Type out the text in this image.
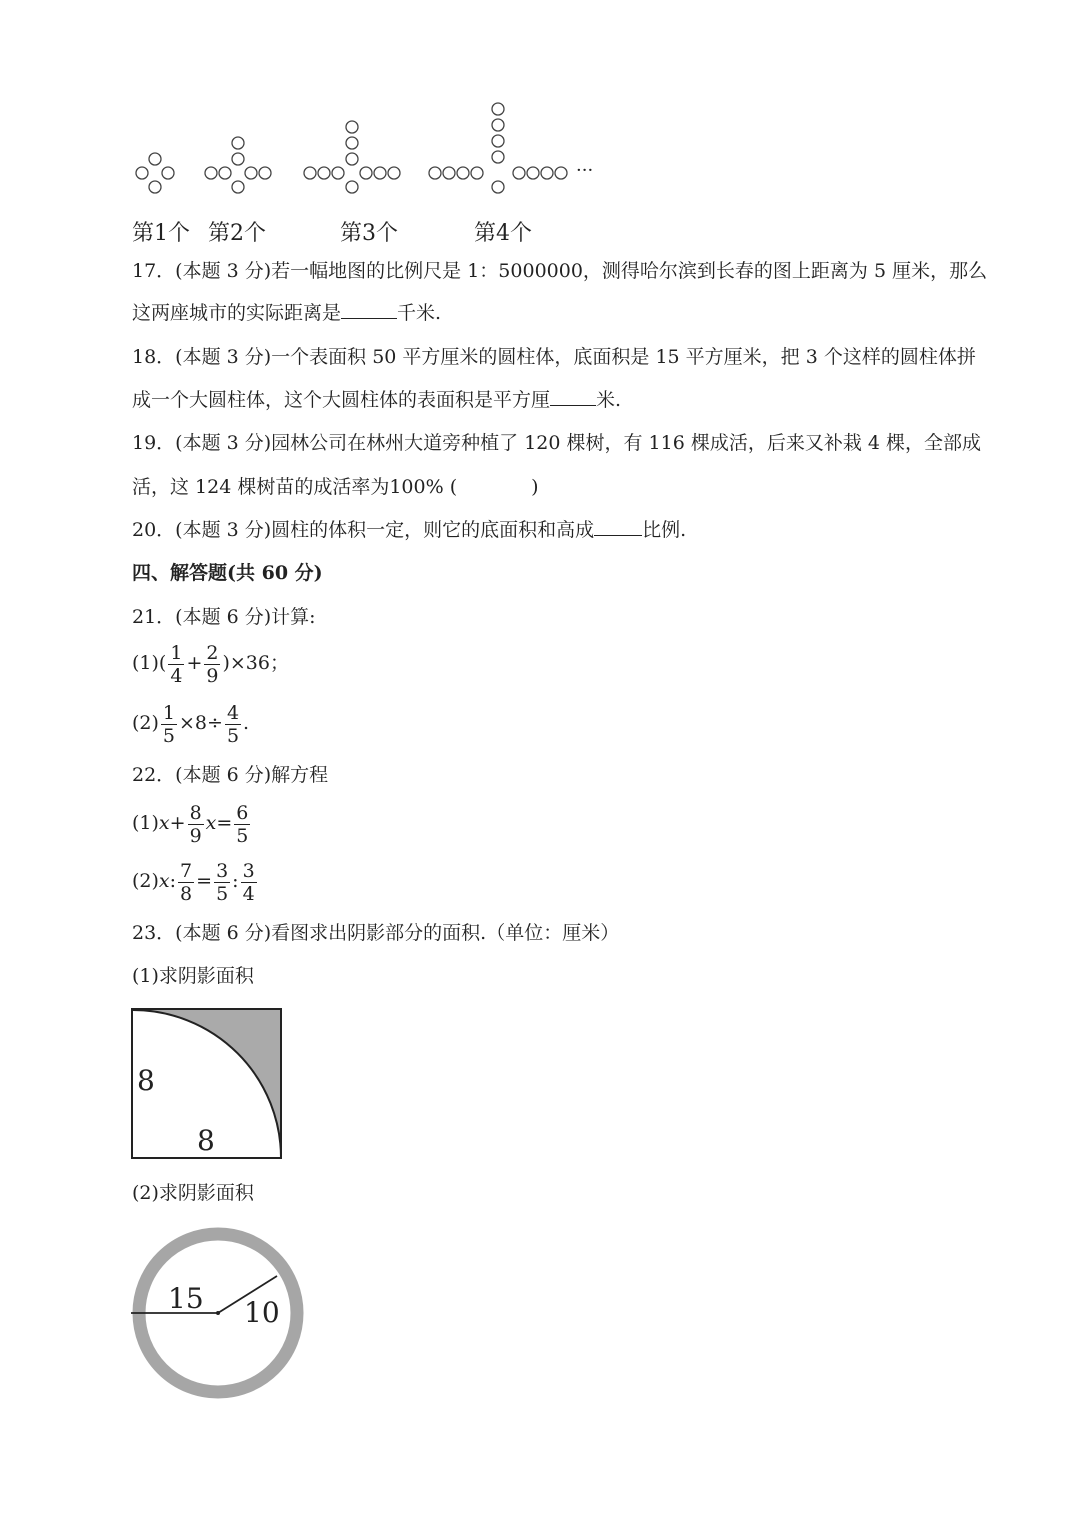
···
第1个 第2个	第3个	第4个
17．(本题 3 分)若一幅地图的比例尺是 1：5000000，测得哈尔滨到长春的图上距离为 5 厘米，那么
这两座城市的实际距离是	千米.
18．(本题 3 分)一个表面积 50 平方厘米的圆柱体，底面积是 15 平方厘米，把 3 个这样的圆柱体拼
成一个大圆柱体，这个大圆柱体的表面积是平方厘 米.
19．(本题 3 分)园林公司在林州大道旁种植了 120 棵树，有 116 棵成活，后来又补栽 4 棵，全部成
活，这 124 棵树苗的成活率为100% (	)
20．(本题 3 分)圆柱的体积一定，则它的底面积和高成	比例.
四、解答题(共 60 分)
21．(本题 6 分)计算:
$(1)( \frac{1}{4} + \frac{2}{9} )\times 36$；
$(2) \frac{1}{5} \times 8\div \frac{4}{5}$ .
22．(本题 6 分)解方程
$(1)x+ \frac{8}{9} x= \frac{6}{5}$
(2)x: $\frac{7}{8} = \frac{3}{5}$ : $\frac{3}{4}$
23．(本题 6 分)看图求出阴影部分的面积.（单位：厘米）
(1)求阴影面积
8
8
(2)求阴影面积
15 10
